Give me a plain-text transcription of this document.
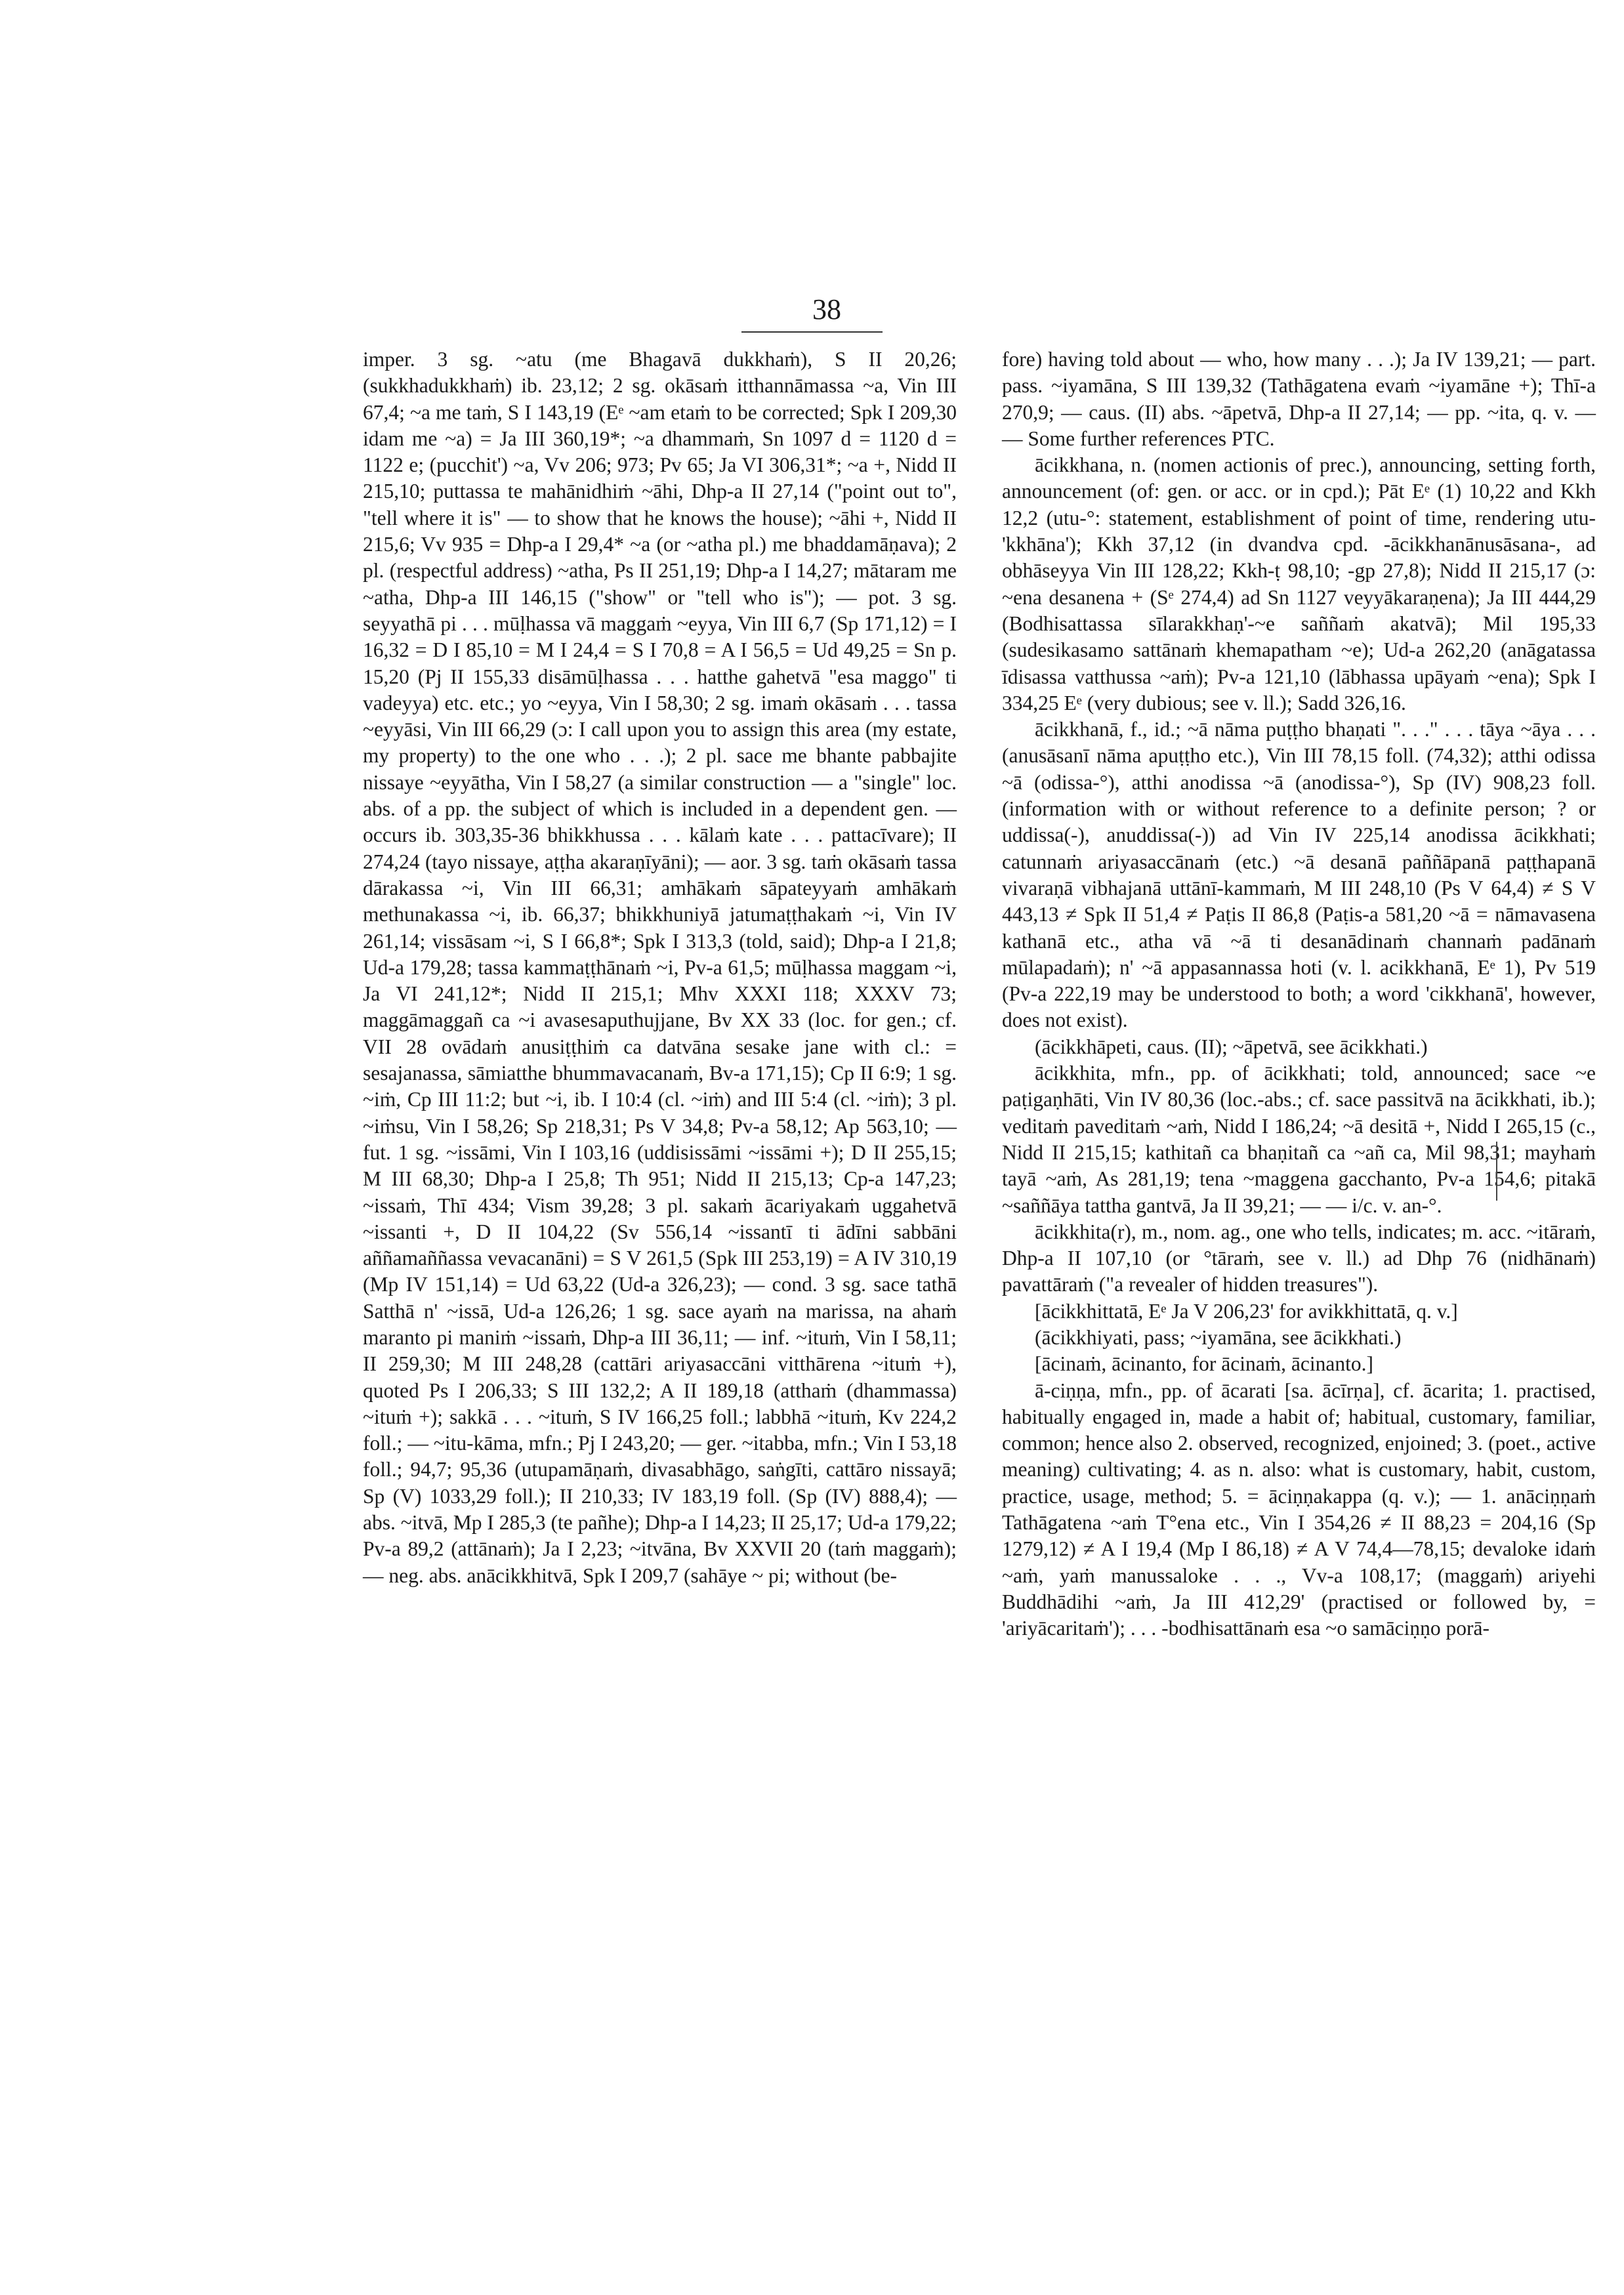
38

imper. 3 sg. ~atu (me Bhagavā dukkhaṁ), S II 20,26; (sukkhadukkhaṁ) ib. 23,12; 2 sg. okāsaṁ itthannāmassa ~a, Vin III 67,4; ~a me taṁ, S I 143,19 (Eᵉ ~am etaṁ to be corrected; Spk I 209,30 idam me ~a) = Ja III 360,19*; ~a dhammaṁ, Sn 1097 d = 1120 d = 1122 e; (pucchit') ~a, Vv 206; 973; Pv 65; Ja VI 306,31*; ~a +, Nidd II 215,10; puttassa te mahānidhiṁ ~āhi, Dhp-a II 27,14 ("point out to", "tell where it is" — to show that he knows the house); ~āhi +, Nidd II 215,6; Vv 935 = Dhp-a I 29,4* ~a (or ~atha pl.) me bhaddamāṇava); 2 pl. (respectful address) ~atha, Ps II 251,19; Dhp-a I 14,27; mātaram me ~atha, Dhp-a III 146,15 ("show" or "tell who is"); — pot. 3 sg. seyyathā pi . . . mūḷhassa vā maggaṁ ~eyya, Vin III 6,7 (Sp 171,12) = I 16,32 = D I 85,10 = M I 24,4 = S I 70,8 = A I 56,5 = Ud 49,25 = Sn p. 15,20 (Pj II 155,33 disāmūḷhassa . . . hatthe gahetvā "esa maggo" ti vadeyya) etc. etc.; yo ~eyya, Vin I 58,30; 2 sg. imaṁ okāsaṁ . . . tassa ~eyyāsi, Vin III 66,29 (ɔ: I call upon you to assign this area (my estate, my property) to the one who . . .); 2 pl. sace me bhante pabbajite nissaye ~eyyātha, Vin I 58,27 (a similar construction — a "single" loc. abs. of a pp. the subject of which is included in a dependent gen. — occurs ib. 303,35-36 bhikkhussa . . . kālaṁ kate . . . pattacīvare); II 274,24 (tayo nissaye, aṭṭha akaraṇīyāni); — aor. 3 sg. taṁ okāsaṁ tassa dārakassa ~i, Vin III 66,31; amhākaṁ sāpateyyaṁ amhākaṁ methunakassa ~i, ib. 66,37; bhikkhuniyā jatumaṭṭhakaṁ ~i, Vin IV 261,14; vissāsam ~i, S I 66,8*; Spk I 313,3 (told, said); Dhp-a I 21,8; Ud-a 179,28; tassa kammaṭṭhānaṁ ~i, Pv-a 61,5; mūḷhassa maggam ~i, Ja VI 241,12*; Nidd II 215,1; Mhv XXXI 118; XXXV 73; maggāmaggañ ca ~i avasesaputhujjane, Bv XX 33 (loc. for gen.; cf. VII 28 ovādaṁ anusiṭṭhiṁ ca datvāna sesake jane with cl.: = sesajanassa, sāmiatthe bhummavacanaṁ, Bv-a 171,15); Cp II 6:9; 1 sg. ~iṁ, Cp III 11:2; but ~i, ib. I 10:4 (cl. ~iṁ) and III 5:4 (cl. ~iṁ); 3 pl. ~iṁsu, Vin I 58,26; Sp 218,31; Ps V 34,8; Pv-a 58,12; Ap 563,10; — fut. 1 sg. ~issāmi, Vin I 103,16 (uddisissāmi ~issāmi +); D II 255,15; M III 68,30; Dhp-a I 25,8; Th 951; Nidd II 215,13; Cp-a 147,23; ~issaṁ, Thī 434; Vism 39,28; 3 pl. sakaṁ ācariyakaṁ uggahetvā ~issanti +, D II 104,22 (Sv 556,14 ~issantī ti ādīni sabbāni aññamaññassa vevacanāni) = S V 261,5 (Spk III 253,19) = A IV 310,19 (Mp IV 151,14) = Ud 63,22 (Ud-a 326,23); — cond. 3 sg. sace tathā Satthā n' ~issā, Ud-a 126,26; 1 sg. sace ayaṁ na marissa, na ahaṁ maranto pi maniṁ ~issaṁ, Dhp-a III 36,11; — inf. ~ituṁ, Vin I 58,11; II 259,30; M III 248,28 (cattāri ariyasaccāni vitthārena ~ituṁ +), quoted Ps I 206,33; S III 132,2; A II 189,18 (atthaṁ (dhammassa) ~ituṁ +); sakkā . . . ~ituṁ, S IV 166,25 foll.; labbhā ~ituṁ, Kv 224,2 foll.; — ~itu-kāma, mfn.; Pj I 243,20; — ger. ~itabba, mfn.; Vin I 53,18 foll.; 94,7; 95,36 (utupamāṇaṁ, divasabhāgo, saṅgīti, cattāro nissayā; Sp (V) 1033,29 foll.); II 210,33; IV 183,19 foll. (Sp (IV) 888,4); — abs. ~itvā, Mp I 285,3 (te pañhe); Dhp-a I 14,23; II 25,17; Ud-a 179,22; Pv-a 89,2 (attānaṁ); Ja I 2,23; ~itvāna, Bv XXVII 20 (taṁ maggaṁ); — neg. abs. anācikkhitvā, Spk I 209,7 (sahāye ~ pi; without (be-

fore) having told about — who, how many . . .); Ja IV 139,21; — part. pass. ~iyamāna, S III 139,32 (Tathāgatena evaṁ ~iyamāne +); Thī-a 270,9; — caus. (II) abs. ~āpetvā, Dhp-a II 27,14; — pp. ~ita, q. v. — — Some further references PTC.

ācikkhana, n. (nomen actionis of prec.), announcing, setting forth, announcement (of: gen. or acc. or in cpd.); Pāt Eᵉ (1) 10,22 and Kkh 12,2 (utu-°: statement, establishment of point of time, rendering utu-'kkhāna'); Kkh 37,12 (in dvandva cpd. -ācikkhanānusāsana-, ad obhāseyya Vin III 128,22; Kkh-ṭ 98,10; -gp 27,8); Nidd II 215,17 (ɔ: ~ena desanena + (Sᵉ 274,4) ad Sn 1127 veyyākaraṇena); Ja III 444,29 (Bodhisattassa sīlarakkhaṇ'-~e saññaṁ akatvā); Mil 195,33 (sudesikasamo sattānaṁ khemapatham ~e); Ud-a 262,20 (anāgatassa īdisassa vatthussa ~aṁ); Pv-a 121,10 (lābhassa upāyaṁ ~ena); Spk I 334,25 Eᵉ (very dubious; see v. ll.); Sadd 326,16.

ācikkhanā, f., id.; ~ā nāma puṭṭho bhaṇati ". . ." . . . tāya ~āya . . . (anusāsanī nāma apuṭṭho etc.), Vin III 78,15 foll. (74,32); atthi odissa ~ā (odissa-°), atthi anodissa ~ā (anodissa-°), Sp (IV) 908,23 foll. (information with or without reference to a definite person; ? or uddissa(-), anuddissa(-)) ad Vin IV 225,14 anodissa ācikkhati; catunnaṁ ariyasaccānaṁ (etc.) ~ā desanā paññāpanā paṭṭhapanā vivaraṇā vibhajanā uttānī-kammaṁ, M III 248,10 (Ps V 64,4) ≠ S V 443,13 ≠ Spk II 51,4 ≠ Paṭis II 86,8 (Paṭis-a 581,20 ~ā = nāmavasena kathanā etc., atha vā ~ā ti desanādinaṁ channaṁ padānaṁ mūlapadaṁ); n' ~ā appasannassa hoti (v. l. acikkhanā, Eᵉ 1), Pv 519 (Pv-a 222,19 may be understood to both; a word 'cikkhanā', however, does not exist).

(ācikkhāpeti, caus. (II); ~āpetvā, see ācikkhati.)

ācikkhita, mfn., pp. of ācikkhati; told, announced; sace ~e paṭigaṇhāti, Vin IV 80,36 (loc.-abs.; cf. sace passitvā na ācikkhati, ib.); veditaṁ paveditaṁ ~aṁ, Nidd I 186,24; ~ā desitā +, Nidd I 265,15 (c., Nidd II 215,15; kathitañ ca bhaṇitañ ca ~añ ca, Mil 98,31; mayhaṁ tayā ~aṁ, As 281,19; tena ~maggena gacchanto, Pv-a 154,6; pitakā ~saññāya tattha gantvā, Ja II 39,21; — — i/c. v. an-°.

ācikkhita(r), m., nom. ag., one who tells, indicates; m. acc. ~itāraṁ, Dhp-a II 107,10 (or °tāraṁ, see v. ll.) ad Dhp 76 (nidhānaṁ) pavattāraṁ ("a revealer of hidden treasures").

[ācikkhittatā, Eᵉ Ja V 206,23' for avikkhittatā, q. v.]

(ācikkhiyati, pass; ~iyamāna, see ācikkhati.)

[ācinaṁ, ācinanto, for ācinaṁ, ācinanto.]

ā-ciṇṇa, mfn., pp. of ācarati [sa. ācīrṇa], cf. ācarita; 1. practised, habitually engaged in, made a habit of; habitual, customary, familiar, common; hence also 2. observed, recognized, enjoined; 3. (poet., active meaning) cultivating; 4. as n. also: what is customary, habit, custom, practice, usage, method; 5. = āciṇṇakappa (q. v.); — 1. anāciṇṇaṁ Tathāgatena ~aṁ T°ena etc., Vin I 354,26 ≠ II 88,23 = 204,16 (Sp 1279,12) ≠ A I 19,4 (Mp I 86,18) ≠ A V 74,4—78,15; devaloke idaṁ ~aṁ, yaṁ manussaloke . . ., Vv-a 108,17; (maggaṁ) ariyehi Buddhādihi ~aṁ, Ja III 412,29' (practised or followed by, = 'ariyācaritaṁ'); . . . -bodhisattānaṁ esa ~o samāciṇṇo porā-
